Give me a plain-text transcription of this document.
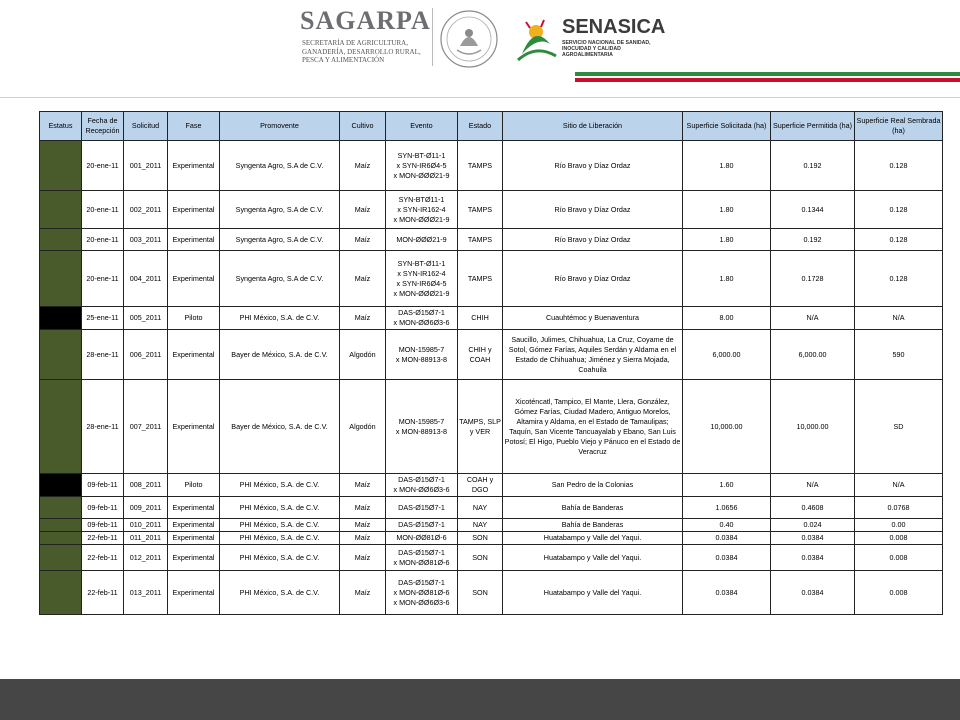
SAGARPA
SECRETARÍA DE AGRICULTURA,
GANADERÍA, DESARROLLO RURAL,
PESCA Y ALIMENTACIÓN
SENASICA
SERVICIO NACIONAL DE SANIDAD,
INOCUIDAD Y CALIDAD
AGROALIMENTARIA
Estatus	Fecha de Recepción	Solicitud	Fase	Promovente	Cultivo	Evento	Estado	Sitio de Liberación	Superficie Solicitada (ha)	Superficie Permitida (ha)	Superficie Real Sembrada (ha)
	20-ene-11	001_2011	Experimental	Syngenta Agro, S.A de C.V.	Maíz	SYN-BT-Ø11-1
x SYN-IR6Ø4-5
x MON-ØØØ21-9	TAMPS	Río Bravo y Díaz Ordaz	1.80	0.192	0.128
	20-ene-11	002_2011	Experimental	Syngenta Agro, S.A de C.V.	Maíz	SYN-BTØ11-1
x SYN-IR162-4
x MON-ØØØ21-9	TAMPS	Río Bravo y Díaz Ordaz	1.80	0.1344	0.128
	20-ene-11	003_2011	Experimental	Syngenta Agro, S.A de C.V.	Maíz	MON-ØØØ21-9	TAMPS	Río Bravo y Díaz Ordaz	1.80	0.192	0.128
	20-ene-11	004_2011	Experimental	Syngenta Agro, S.A de C.V.	Maíz	SYN-BT-Ø11-1
x SYN-IR162-4
x SYN-IR6Ø4-5
x MON-ØØØ21-9	TAMPS	Río Bravo y Díaz Ordaz	1.80	0.1728	0.128
	25-ene-11	005_2011	Piloto	PHI México, S.A. de C.V.	Maíz	DAS-Ø15Ø7-1
x MON-ØØ6Ø3-6	CHIH	Cuauhtémoc y Buenaventura	8.00	N/A	N/A
	28-ene-11	006_2011	Experimental	Bayer de México, S.A. de C.V.	Algodón	MON-15985-7
x MON-88913-8	CHIH y COAH	Saucillo, Julimes, Chihuahua, La Cruz, Coyame de Sotol, Gómez Farías, Aquiles Serdán y Aldama en el Estado de Chihuahua; Jiménez y Sierra Mojada, Coahuila	6,000.00	6,000.00	590
	28-ene-11	007_2011	Experimental	Bayer de México, S.A. de C.V.	Algodón	MON-15985-7
x MON-88913-8	TAMPS, SLP y VER	Xicoténcatl, Tampico, El Mante, Llera, González, Gómez Farías, Ciudad Madero, Antiguo Morelos, Altamira y Aldama, en el Estado de Tamaulipas; Taquín, San Vicente Tancuayalab y Ebano, San Luis Potosí; El Higo, Pueblo Viejo y Pánuco en el Estado de Veracruz	10,000.00	10,000.00	SD
	09-feb-11	008_2011	Piloto	PHI México, S.A. de C.V.	Maíz	DAS-Ø15Ø7-1
x MON-ØØ6Ø3-6	COAH y DGO	San Pedro de la Colonias	1.60	N/A	N/A
	09-feb-11	009_2011	Experimental	PHI México, S.A. de C.V.	Maíz	DAS-Ø15Ø7-1	NAY	Bahía de Banderas	1.0656	0.4608	0.0768
	09-feb-11	010_2011	Experimental	PHI México, S.A. de C.V.	Maíz	DAS-Ø15Ø7-1	NAY	Bahía de Banderas	0.40	0.024	0.00
	22-feb-11	011_2011	Experimental	PHI México, S.A. de C.V.	Maíz	MON-ØØ81Ø-6	SON	Huatabampo y Valle del Yaqui.	0.0384	0.0384	0.008
	22-feb-11	012_2011	Experimental	PHI México, S.A. de C.V.	Maíz	DAS-Ø15Ø7-1
x MON-ØØ81Ø-6	SON	Huatabampo y Valle del Yaqui.	0.0384	0.0384	0.008
	22-feb-11	013_2011	Experimental	PHI México, S.A. de C.V.	Maíz	DAS-Ø15Ø7-1
x MON-ØØ81Ø-6
x MON-ØØ6Ø3-6	SON	Huatabampo y Valle del Yaqui.	0.0384	0.0384	0.008
